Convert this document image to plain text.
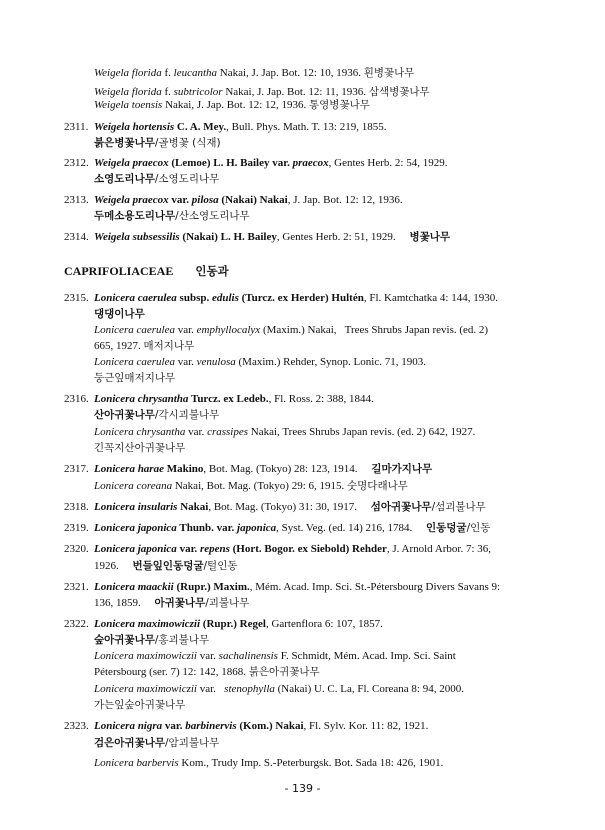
CAPRIFOLIACEAE 인동과
Weigela florida f. leucantha Nakai, J. Jap. Bot. 12: 10, 1936. 흰병꽃나무
Weigela florida f. subtricolor Nakai, J. Jap. Bot. 12: 11, 1936. 삼색병꽃나무
Weigela toensis Nakai, J. Jap. Bot. 12: 12, 1936. 통영병꽃나무
2311. Weigela hortensis C. A. Mey., Bull. Phys. Math. T. 13: 219, 1855.
붉은병꽃나무/골병꽃 (식재)
2312. Weigela praecox (Lemoe) L. H. Bailey var. praecox, Gentes Herb. 2: 54, 1929.
소영도리나무/소영도리나무
2313. Weigela praecox var. pilosa (Nakai) Nakai, J. Jap. Bot. 12: 12, 1936.
두메소용도리나무/산소영도리나무
2314. Weigela subsessilis (Nakai) L. H. Bailey, Gentes Herb. 2: 51, 1929.     병꽃나무
2315. Lonicera caerulea subsp. edulis (Turcz. ex Herder) Hultén, Fl. Kamtchatka 4: 144, 1930.
댕댕이나무
Lonicera caerulea var. emphyllocalyx (Maxim.) Nakai,   Trees Shrubs Japan revis. (ed. 2)
665, 1927. 매저지나무
Lonicera caerulea var. venulosa (Maxim.) Rehder, Synop. Lonic. 71, 1903.
둥근잎매저지나무
2316. Lonicera chrysantha Turcz. ex Ledeb., Fl. Ross. 2: 388, 1844.
산아귀꽃나무/각시괴불나무
Lonicera chrysantha var. crassipes Nakai, Trees Shrubs Japan revis. (ed. 2) 642, 1927.
긴꼭지산아귀꽃나무
2317. Lonicera harae Makino, Bot. Mag. (Tokyo) 28: 123, 1914.     길마가지나무
Lonicera coreana Nakai, Bot. Mag. (Tokyo) 29: 6, 1915. 숫명다래나무
2318. Lonicera insularis Nakai, Bot. Mag. (Tokyo) 31: 30, 1917.     섬아귀꽃나무/섬괴불나무
2319. Lonicera japonica Thunb. var. japonica, Syst. Veg. (ed. 14) 216, 1784.     인동덩굴/인동
2320. Lonicera japonica var. repens (Hort. Bogor. ex Siebold) Rehder, J. Arnold Arbor. 7: 36,
1926.     번들잎인동덩굴/털인동
2321. Lonicera maackii (Rupr.) Maxim., Mém. Acad. Imp. Sci. St.-Pétersbourg Divers Savans 9:
136, 1859.     아귀꽃나무/괴불나무
2322. Lonicera maximowiczii (Rupr.) Regel, Gartenflora 6: 107, 1857.
숲아귀꽃나무/홍괴불나무
Lonicera maximowiczii var. sachalinensis F. Schmidt, Mém. Acad. Imp. Sci. Saint
Pétersbourg (ser. 7) 12: 142, 1868. 붉은아귀꽃나무
Lonicera maximowiczii var.   stenophylla (Nakai) U. C. La, Fl. Coreana 8: 94, 2000.
가는잎숲아귀꽃나무
2323. Lonicera nigra var. barbinervis (Kom.) Nakai, Fl. Sylv. Kor. 11: 82, 1921.
검은아귀꽃나무/암괴불나무
Lonicera barbervis Kom., Trudy Imp. S.-Peterburgsk. Bot. Sada 18: 426, 1901.
- 139 -
